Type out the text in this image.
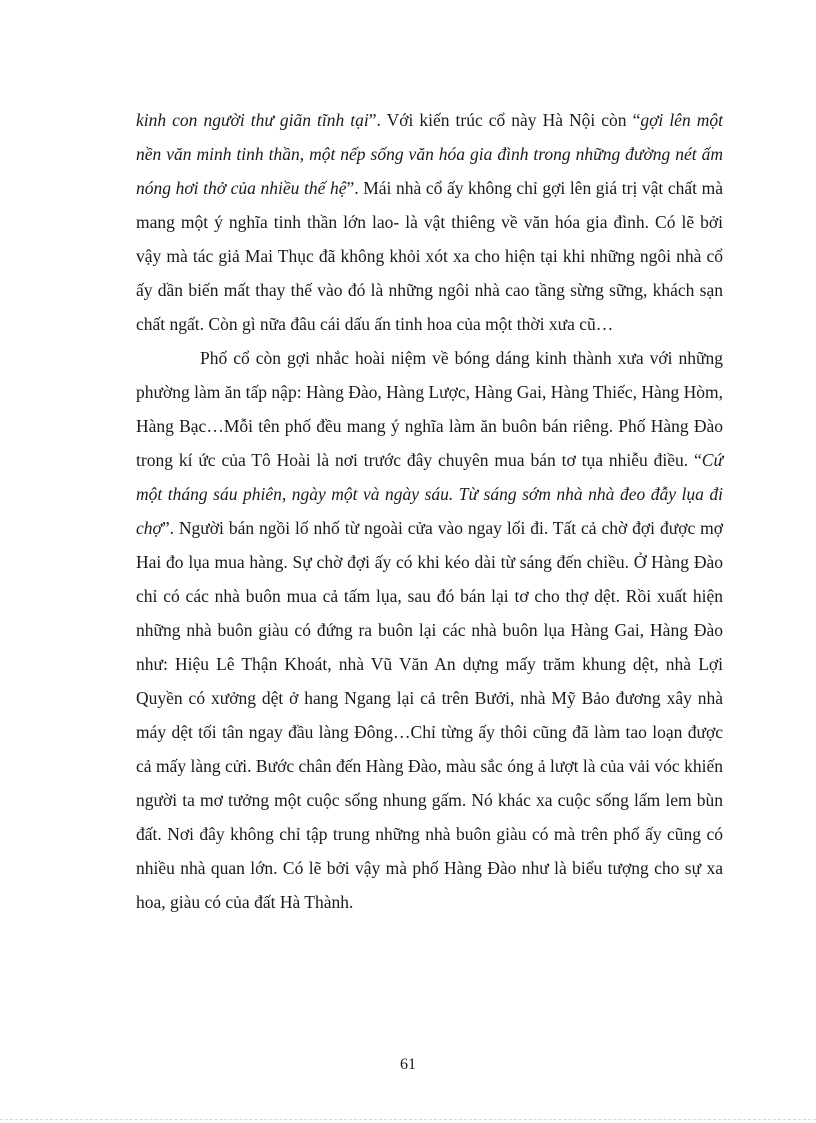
kinh con người thư giãn tĩnh tại”. Với kiến trúc cổ này Hà Nội còn “gợi lên một nền văn minh tinh thần, một nếp sống văn hóa gia đình trong những đường nét ấm nóng hơi thở của nhiều thế hệ”. Mái nhà cổ ấy không chỉ gợi lên giá trị vật chất mà mang một ý nghĩa tinh thần lớn lao- là vật thiêng về văn hóa gia đình. Có lẽ bởi vậy mà tác giả Mai Thục đã không khỏi xót xa cho hiện tại khi những ngôi nhà cổ ấy dần biến mất thay thế vào đó là những ngôi nhà cao tầng sừng sững, khách sạn chất ngất. Còn gì nữa đâu cái dấu ấn tinh hoa của một thời xưa cũ…

Phố cổ còn gợi nhắc hoài niệm về bóng dáng kinh thành xưa với những phường làm ăn tấp nập: Hàng Đào, Hàng Lược, Hàng Gai, Hàng Thiếc, Hàng Hòm, Hàng Bạc…Mỗi tên phố đều mang ý nghĩa làm ăn buôn bán riêng. Phố Hàng Đào trong kí ức của Tô Hoài là nơi trước đây chuyên mua bán tơ tụa nhiễu điều. “Cứ một tháng sáu phiên, ngày một và ngày sáu. Từ sáng sớm nhà nhà đeo đẫy lụa đi chợ”. Người bán ngồi lố nhố từ ngoài cửa vào ngay lối đi. Tất cả chờ đợi được mợ Hai đo lụa mua hàng. Sự chờ đợi ấy có khi kéo dài từ sáng đến chiều. Ở Hàng Đào chỉ có các nhà buôn mua cả tấm lụa, sau đó bán lại tơ cho thợ dệt. Rồi xuất hiện những nhà buôn giàu có đứng ra buôn lại các nhà buôn lụa Hàng Gai, Hàng Đào như: Hiệu Lê Thận Khoát, nhà Vũ Văn An dựng mấy trăm khung dệt, nhà Lợi Quyền có xưởng dệt ở hang Ngang lại cả trên Bưởi, nhà Mỹ Bảo đương xây nhà máy dệt tối tân ngay đầu làng Đông…Chỉ từng ấy thôi cũng đã làm tao loạn được cả mấy làng cửi. Bước chân đến Hàng Đào, màu sắc óng ả lượt là của vải vóc khiến người ta mơ tưởng một cuộc sống nhung gấm. Nó khác xa cuộc sống lấm lem bùn đất. Nơi đây không chỉ tập trung những nhà buôn giàu có mà trên phố ấy cũng có nhiều nhà quan lớn. Có lẽ bởi vậy mà phố Hàng Đào như là biểu tượng cho sự xa hoa, giàu có của đất Hà Thành.

61
